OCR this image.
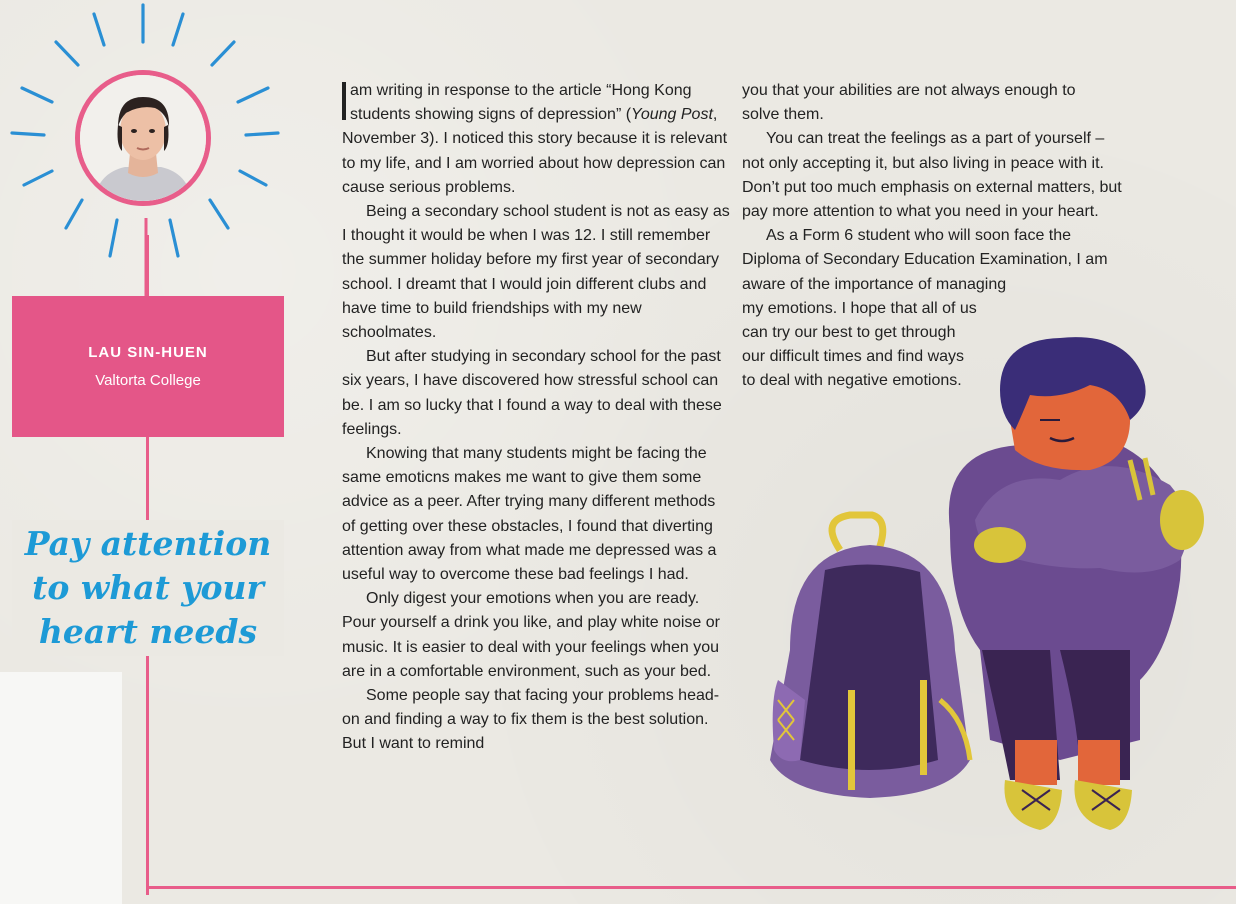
LAU SIN-HUEN
Valtorta College
Pay attention
to what your
heart needs

am writing in response to the article “Hong Kong students showing signs of depression” (Young Post, November 3). I noticed this story because it is relevant to my life, and I am worried about how depression can cause serious problems.

Being a secondary school student is not as easy as I thought it would be when I was 12. I still remember the summer holiday before my first year of secondary school. I dreamt that I would join different clubs and have time to build friendships with my new schoolmates.

But after studying in secondary school for the past six years, I have discovered how stressful school can be. I am so lucky that I found a way to deal with these feelings.

Knowing that many students might be facing the same emoticns makes me want to give them some advice as a peer. After trying many different methods of getting over these obstacles, I found that diverting attention away from what made me depressed was a useful way to overcome these bad feelings I had.

Only digest your emotions when you are ready. Pour yourself a drink you like, and play white noise or music. It is easier to deal with your feelings when you are in a comfortable environment, such as your bed.

Some people say that facing your problems head-on and finding a way to fix them is the best solution. But I want to remind

you that your abilities are not always enough to solve them.

You can treat the feelings as a part of yourself – not only accepting it, but also living in peace with it. Don’t put too much emphasis on external matters, but pay more attention to what you need in your heart.

As a Form 6 student who will soon face the Diploma of Secondary Education Examination, I am aware of the importance of managing

my emotions. I hope that all of us can try our best to get through our difficult times and find ways to deal with negative emotions.
